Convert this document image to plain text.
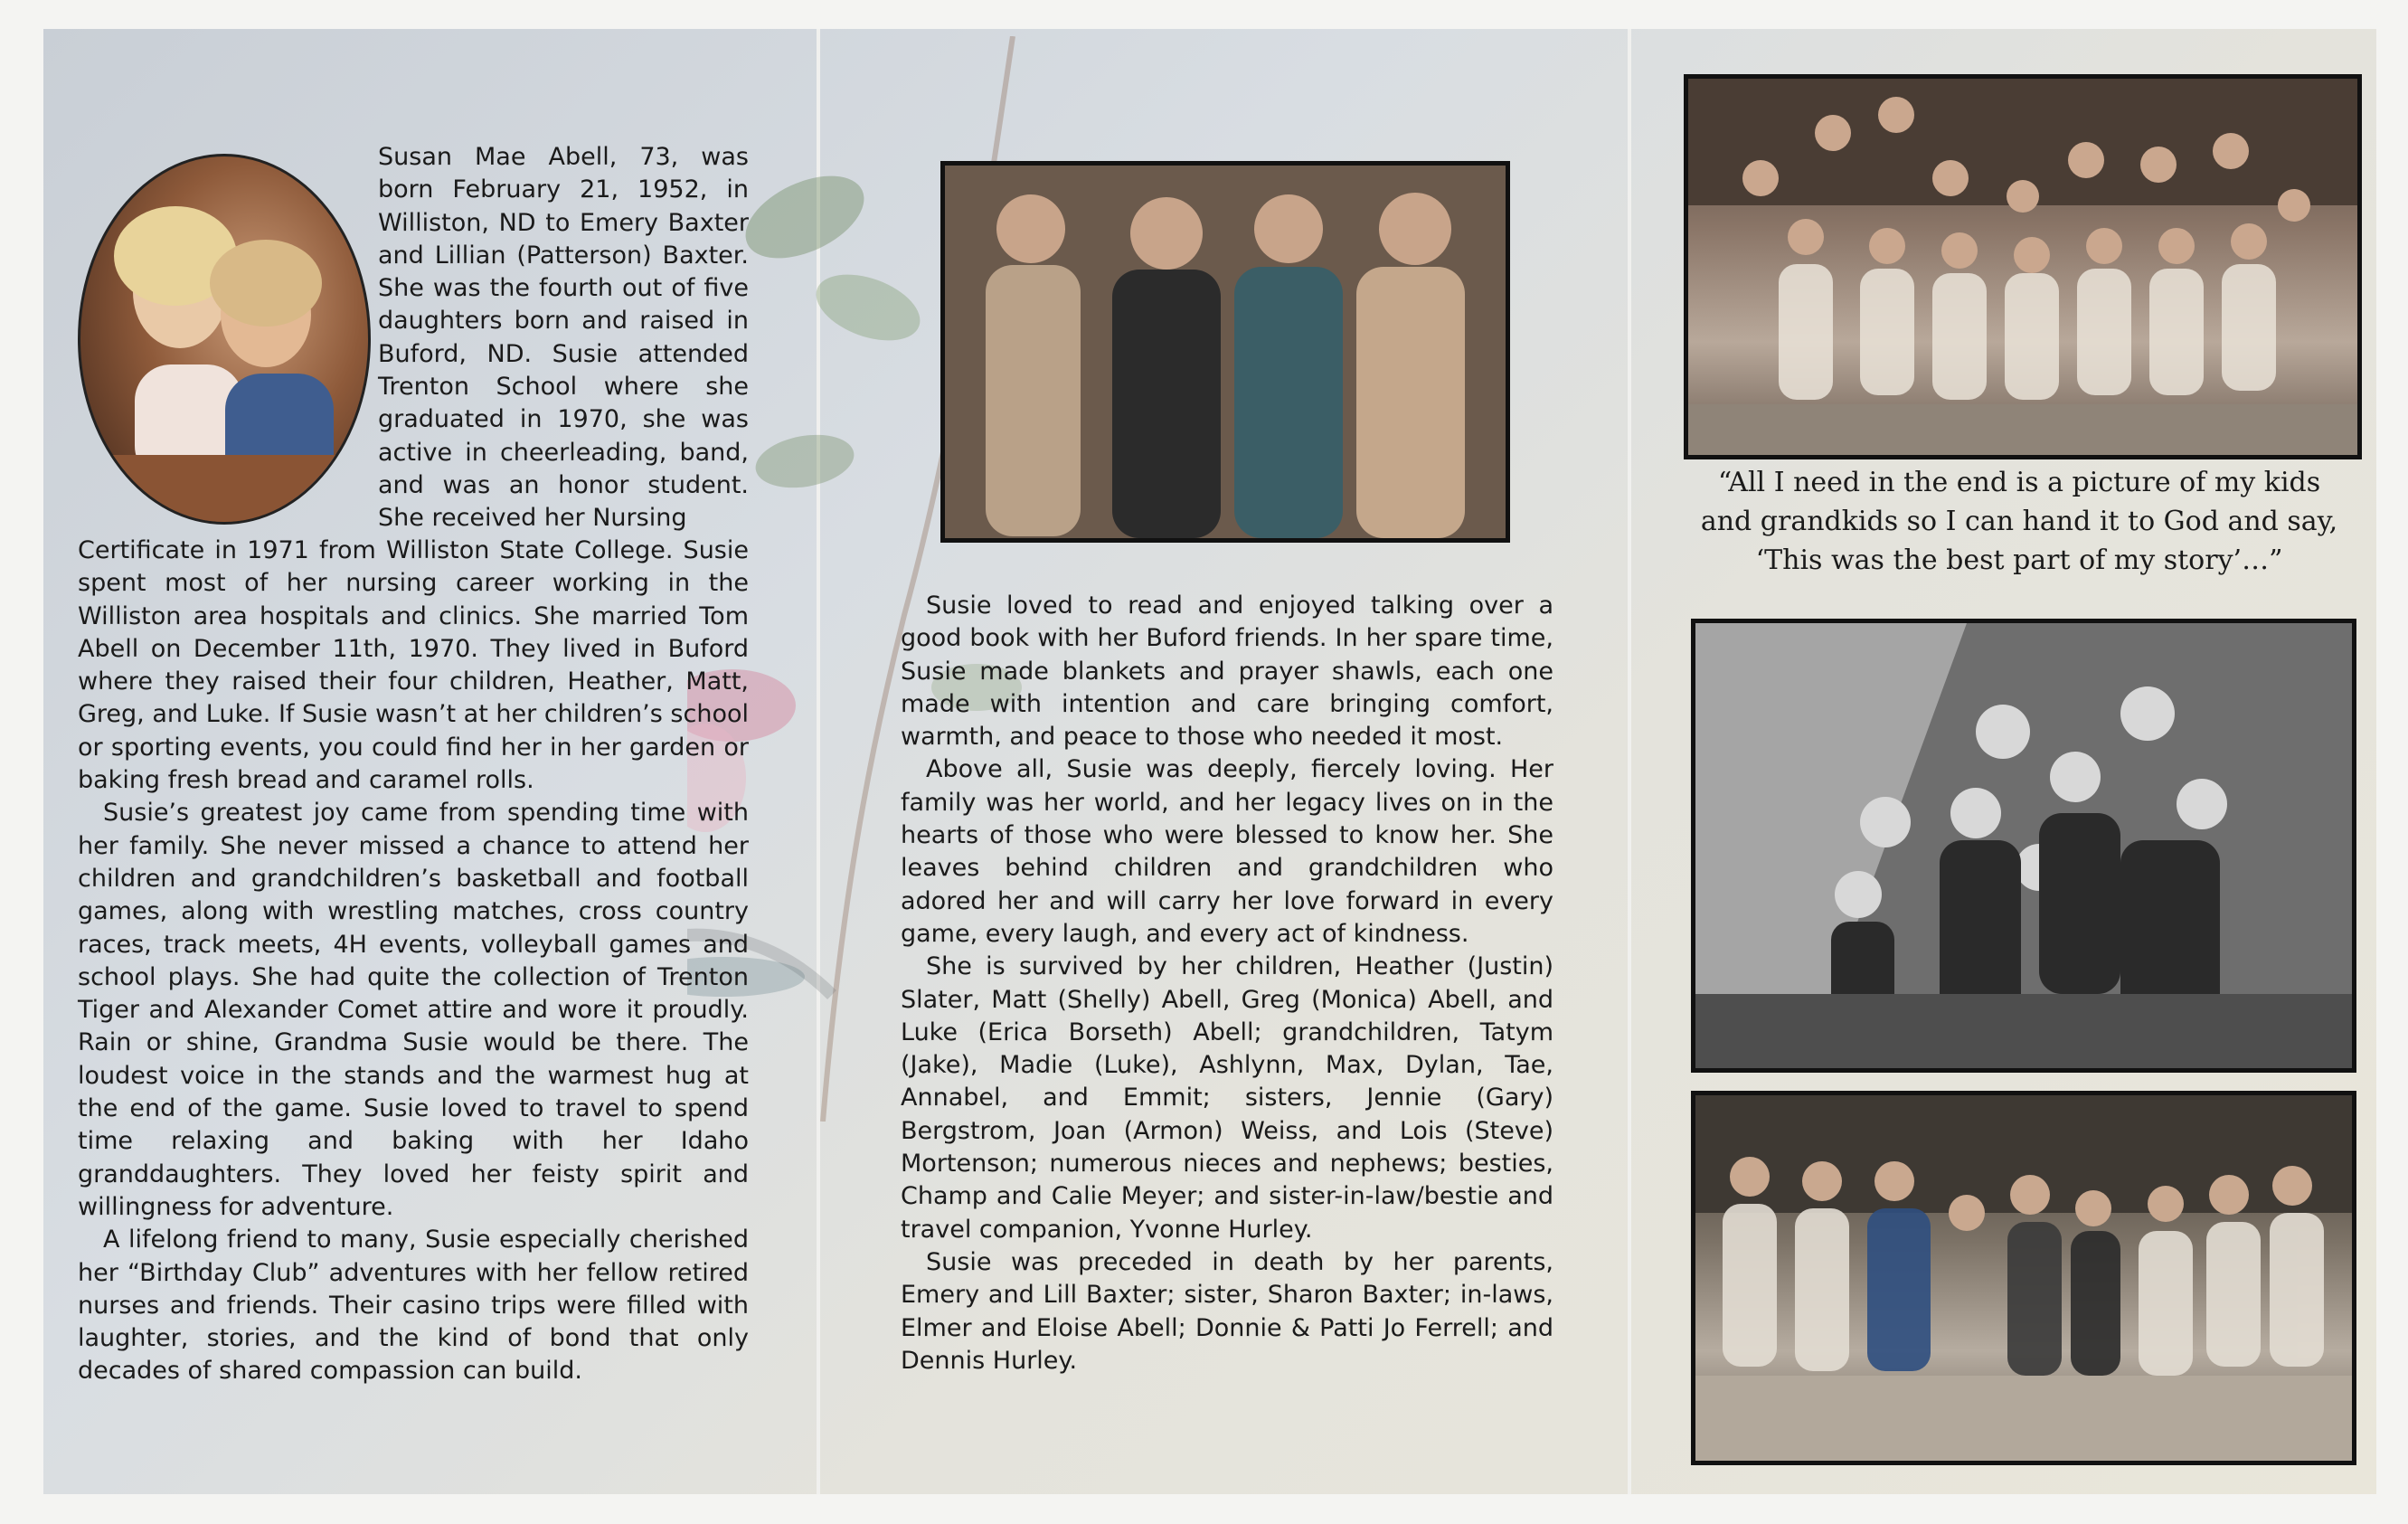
Susan Mae Abell, 73, was born February 21, 1952, in Williston, ND to Emery Baxter and Lillian (Patterson) Baxter. She was the fourth out of five daughters born and raised in Buford, ND. Susie attended Trenton School where she graduated in 1970, she was active in cheerleading, band, and was an honor student. She received her Nursing

Certificate in 1971 from Williston State College. Susie spent most of her nursing career working in the Williston area hospitals and clinics. She married Tom Abell on December 11th, 1970. They lived in Buford where they raised their four children, Heather, Matt, Greg, and Luke. If Susie wasn’t at her children’s school or sporting events, you could find her in her garden or baking fresh bread and caramel rolls.

Susie’s greatest joy came from spending time with her family. She never missed a chance to attend her children and grandchildren’s basketball and football games, along with wrestling matches, cross country races, track meets, 4H events, volleyball games and school plays. She had quite the collection of Trenton Tiger and Alexander Comet attire and wore it proudly. Rain or shine, Grandma Susie would be there. The loudest voice in the stands and the warmest hug at the end of the game. Susie loved to travel to spend time relaxing and baking with her Idaho granddaughters. They loved her feisty spirit and willingness for adventure.

A lifelong friend to many, Susie especially cherished her “Birthday Club” adventures with her fellow retired nurses and friends. Their casino trips were filled with laughter, stories, and the kind of bond that only decades of shared compassion can build.

Susie loved to read and enjoyed talking over a good book with her Buford friends. In her spare time, Susie made blankets and prayer shawls, each one made with intention and care bringing comfort, warmth, and peace to those who needed it most.

Above all, Susie was deeply, fiercely loving. Her family was her world, and her legacy lives on in the hearts of those who were blessed to know her. She leaves behind children and grandchildren who adored her and will carry her love forward in every game, every laugh, and every act of kindness.

She is survived by her children, Heather (Justin) Slater, Matt (Shelly) Abell, Greg (Monica) Abell, and Luke (Erica Borseth) Abell; grandchildren, Tatym (Jake), Madie (Luke), Ashlynn, Max, Dylan, Tae, Annabel, and Emmit; sisters, Jennie (Gary) Bergstrom, Joan (Armon) Weiss, and Lois (Steve) Mortenson; numerous nieces and nephews; besties, Champ and Calie Meyer; and sister-in-law/bestie and travel companion, Yvonne Hurley.

Susie was preceded in death by her parents, Emery and Lill Baxter; sister, Sharon Baxter; in-laws, Elmer and Eloise Abell; Donnie & Patti Jo Ferrell; and Dennis Hurley.

“All I need in the end is a picture of my kids
and grandkids so I can hand it to God and say,
‘This was the best part of my story’…”
